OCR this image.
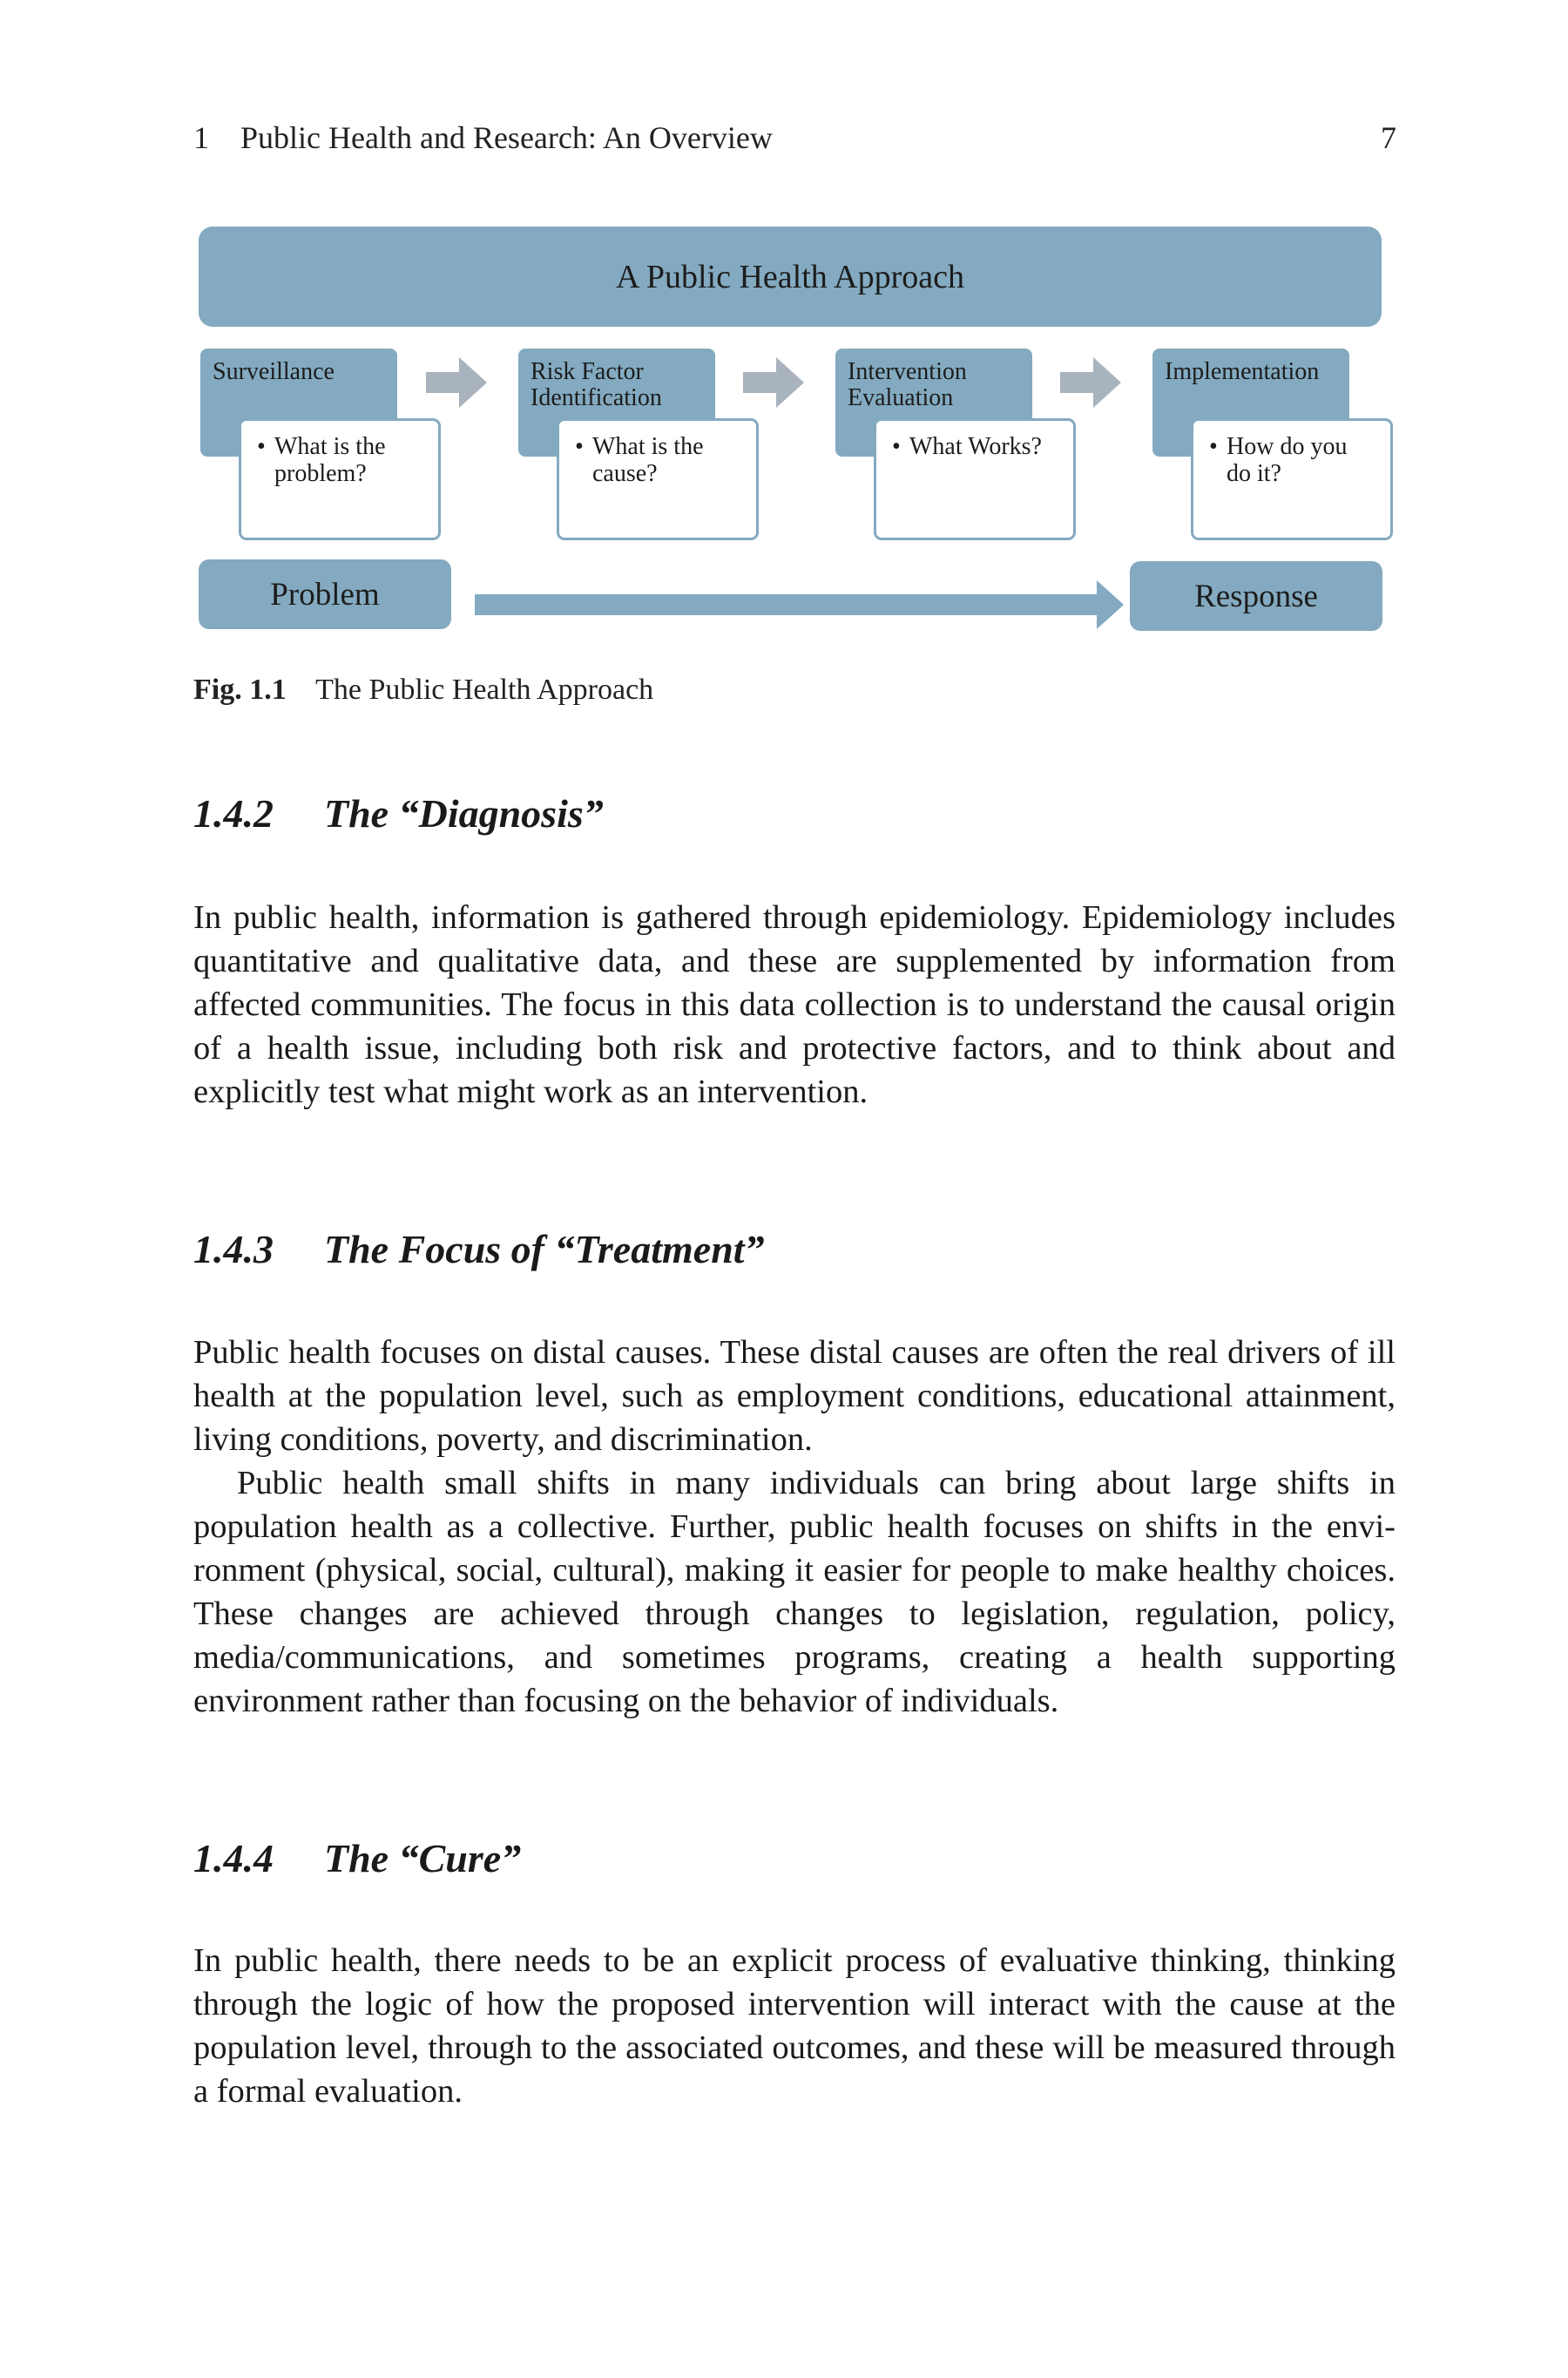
1 Public Health and Research: An Overview	7
A Public Health Approach
Surveillance
• What is the problem?
Risk Factor Identification
• What is the cause?
Intervention Evaluation
• What Works?
Implementation
• How do you do it?
Problem	Response
Fig. 1.1 The Public Health Approach
1.4.2 The “Diagnosis”

In public health, information is gathered through epidemiology. Epidemiology includes quantitative and qualitative data, and these are supplemented by information from affected communities. The focus in this data collection is to understand the causal origin of a health issue, including both risk and protective factors, and to think about and explicitly test what might work as an intervention.

1.4.3 The Focus of “Treatment”

Public health focuses on distal causes. These distal causes are often the real drivers of ill health at the population level, such as employment conditions, educational attainment, living conditions, poverty, and discrimination.

Public health small shifts in many individuals can bring about large shifts in population health as a collective. Further, public health focuses on shifts in the environment (physical, social, cultural), making it easier for people to make healthy choices. These changes are achieved through changes to legislation, regulation, policy, media/communications, and sometimes programs, creating a health supporting environment rather than focusing on the behavior of individuals.

1.4.4 The “Cure”

In public health, there needs to be an explicit process of evaluative thinking, thinking through the logic of how the proposed intervention will interact with the cause at the population level, through to the associated outcomes, and these will be measured through a formal evaluation.
